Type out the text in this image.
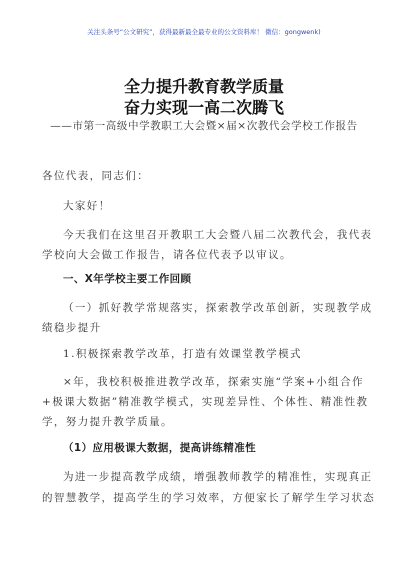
关注头条号“公文研究”，获得最新最全最专业的公文资料库！ 微信：gongwenk)
全力提升教育教学质量
奋力实现一高二次腾飞
——市第一高级中学教职工大会暨×届×次教代会学校工作报告
各位代表，同志们：
大家好！
今天我们在这里召开教职工大会暨八届二次教代会，我代表
学校向大会做工作报告，请各位代表予以审议。
一、X年学校主要工作回顾
（一）抓好教学常规落实，探索教学改革创新，实现教学成
绩稳步提升
1.积极探索教学改革，打造有效课堂教学模式
×年，我校积极推进教学改革，探索实施“学案+小组合作
+极课大数据”精准教学模式，实现差异性、个体性、精准性教
学，努力提升教学质量。
（1）应用极课大数据，提高讲练精准性
为进一步提高教学成绩，增强教师教学的精准性，实现真正
的智慧教学，提高学生的学习效率，方便家长了解学生学习状态
